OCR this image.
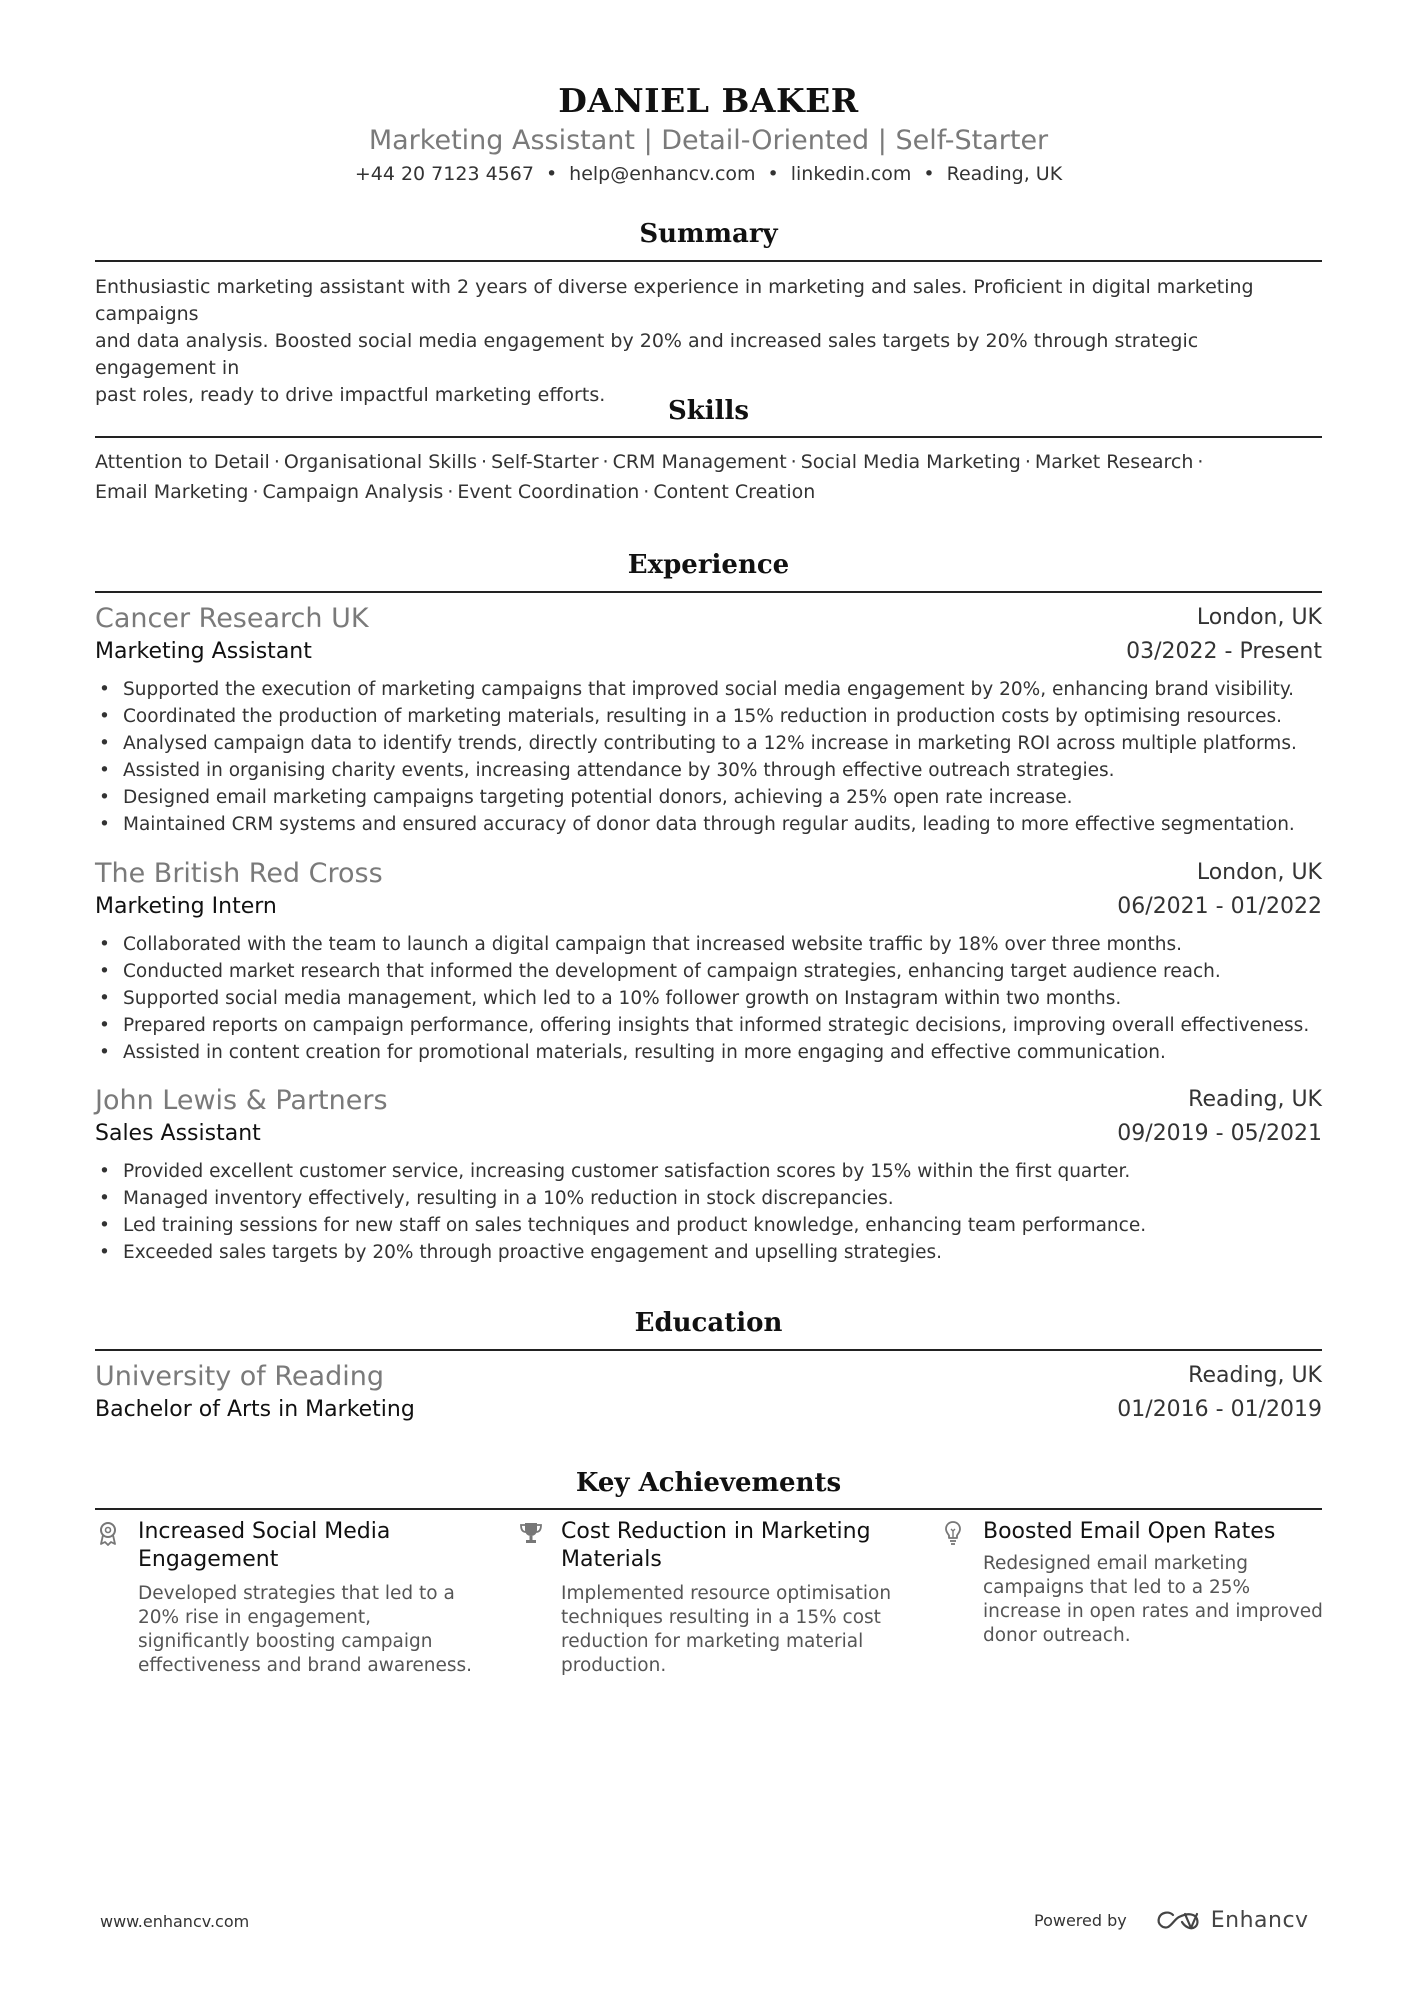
DANIEL BAKER
Marketing Assistant | Detail-Oriented | Self-Starter
+44 20 7123 4567 • help@enhancv.com • linkedin.com • Reading, UK
Summary
Enthusiastic marketing assistant with 2 years of diverse experience in marketing and sales. Proficient in digital marketing campaigns
and data analysis. Boosted social media engagement by 20% and increased sales targets by 20% through strategic engagement in
past roles, ready to drive impactful marketing efforts.
Skills
Attention to Detail · Organisational Skills · Self-Starter · CRM Management · Social Media Marketing · Market Research ·
Email Marketing · Campaign Analysis · Event Coordination · Content Creation
Experience
Cancer Research UK	London, UK
Marketing Assistant	03/2022 - Present
• Supported the execution of marketing campaigns that improved social media engagement by 20%, enhancing brand visibility.
• Coordinated the production of marketing materials, resulting in a 15% reduction in production costs by optimising resources.
• Analysed campaign data to identify trends, directly contributing to a 12% increase in marketing ROI across multiple platforms.
• Assisted in organising charity events, increasing attendance by 30% through effective outreach strategies.
• Designed email marketing campaigns targeting potential donors, achieving a 25% open rate increase.
• Maintained CRM systems and ensured accuracy of donor data through regular audits, leading to more effective segmentation.
The British Red Cross	London, UK
Marketing Intern	06/2021 - 01/2022
• Collaborated with the team to launch a digital campaign that increased website traffic by 18% over three months.
• Conducted market research that informed the development of campaign strategies, enhancing target audience reach.
• Supported social media management, which led to a 10% follower growth on Instagram within two months.
• Prepared reports on campaign performance, offering insights that informed strategic decisions, improving overall effectiveness.
• Assisted in content creation for promotional materials, resulting in more engaging and effective communication.
John Lewis & Partners	Reading, UK
Sales Assistant	09/2019 - 05/2021
• Provided excellent customer service, increasing customer satisfaction scores by 15% within the first quarter.
• Managed inventory effectively, resulting in a 10% reduction in stock discrepancies.
• Led training sessions for new staff on sales techniques and product knowledge, enhancing team performance.
• Exceeded sales targets by 20% through proactive engagement and upselling strategies.
Education
University of Reading	Reading, UK
Bachelor of Arts in Marketing	01/2016 - 01/2019
Key Achievements
Increased Social Media
Engagement
Developed strategies that led to a
20% rise in engagement,
significantly boosting campaign
effectiveness and brand awareness.
Cost Reduction in Marketing
Materials
Implemented resource optimisation
techniques resulting in a 15% cost
reduction for marketing material
production.
Boosted Email Open Rates
Redesigned email marketing
campaigns that led to a 25%
increase in open rates and improved
donor outreach.
www.enhancv.com	Powered by	Enhancv
